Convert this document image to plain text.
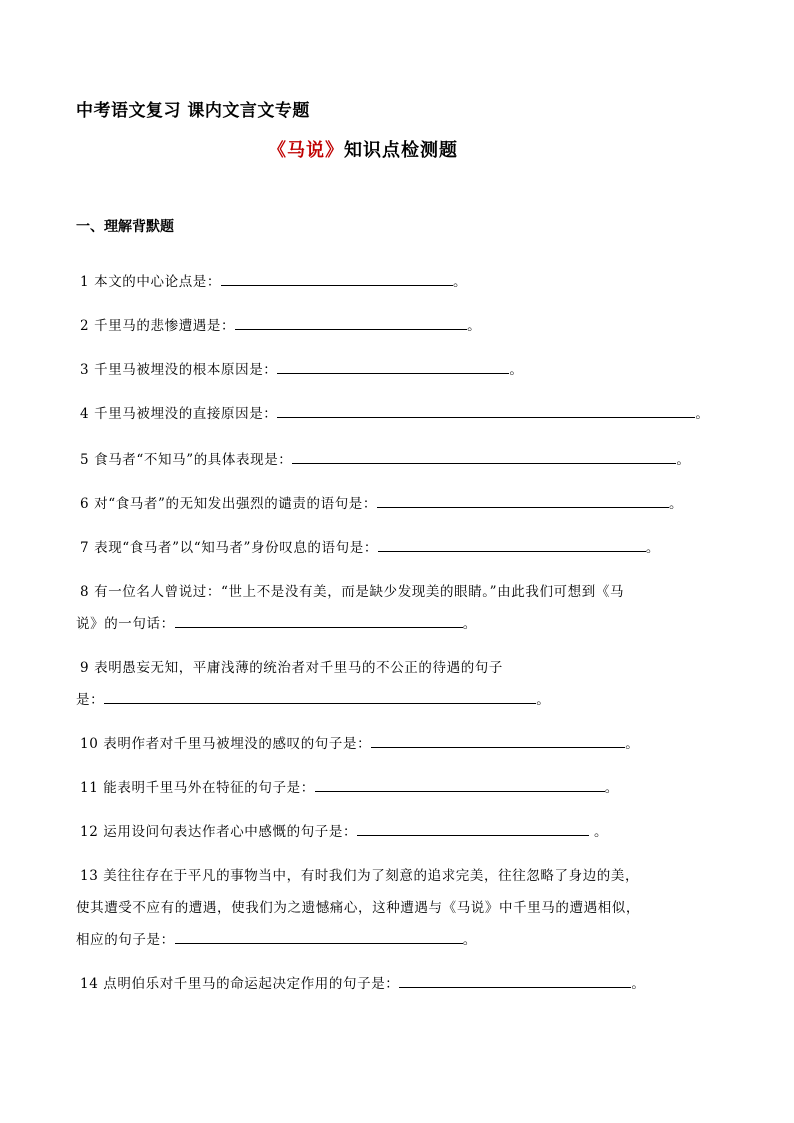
中考语文复习 课内文言文专题
《马说》知识点检测题
一、理解背默题
1 本文的中心论点是：	。
2 千里马的悲惨遭遇是：	。
3 千里马被埋没的根本原因是：	。
4 千里马被埋没的直接原因是：	。
5 食马者“不知马”的具体表现是：	。
6 对“食马者”的无知发出强烈的谴责的语句是：	。
7 表现“食马者”以“知马者”身份叹息的语句是：	。
8 有一位名人曾说过：“世上不是没有美，而是缺少发现美的眼睛。”由此我们可想到《马
说》的一句话：	。
9 表明愚妄无知，平庸浅薄的统治者对千里马的不公正的待遇的句子
是：	。
10 表明作者对千里马被埋没的感叹的句子是：	。
11 能表明千里马外在特征的句子是：	。
12 运用设问句表达作者心中感慨的句子是：	。
13 美往往存在于平凡的事物当中，有时我们为了刻意的追求完美，往往忽略了身边的美，
使其遭受不应有的遭遇，使我们为之遗憾痛心，这种遭遇与《马说》中千里马的遭遇相似，
相应的句子是：	。
14 点明伯乐对千里马的命运起决定作用的句子是：	。
